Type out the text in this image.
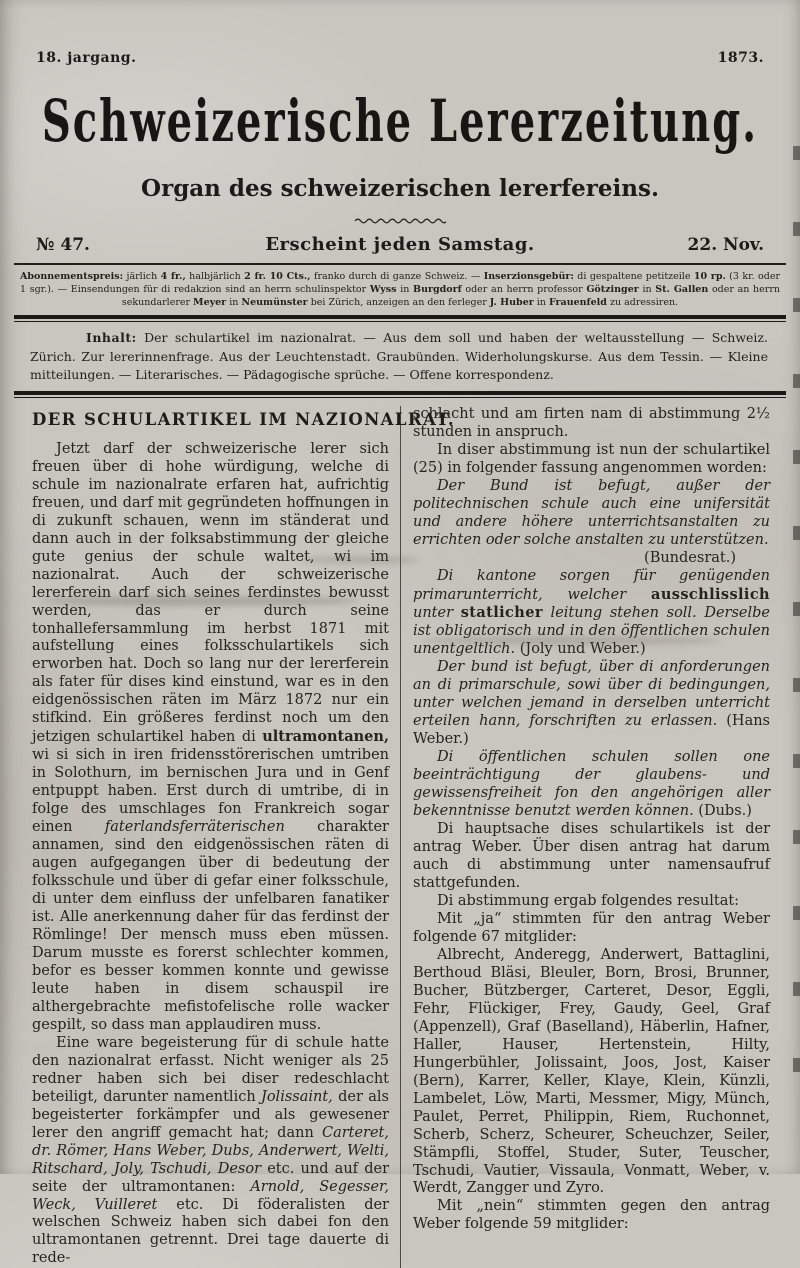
18. jargang.	1873.
Schweizerische Lererzeitung.
Organ des schweizerischen lererfereins.
№ 47.	Erscheint jeden Samstag.	22. Nov.
Abonnementspreis: järlich 4 fr., halbjärlich 2 fr. 10 Cts., franko durch di ganze Schweiz. — Inserzionsgebür: di gespaltene petitzeile 10 rp. (3 kr. oder 1 sgr.). — Einsendungen für di redakzion sind an herrn schulinspektor Wyss in Burgdorf oder an herrn professor Götzinger in St. Gallen oder an herrn sekundarlerer Meyer in Neumünster bei Zürich, anzeigen an den ferleger J. Huber in Frauenfeld zu adressiren.
Inhalt: Der schulartikel im nazionalrat. — Aus dem soll und haben der weltausstellung — Schweiz. Zürich. Zur lererinnenfrage. Aus der Leuchtenstadt. Graubünden. Widerholungskurse. Aus dem Tessin. — Kleine mitteilungen. — Literarisches. — Pädagogische sprüche. — Offene korrespondenz.
DER SCHULARTIKEL IM NAZIONALRAT.

Jetzt darf der schweizerische lerer sich freuen über di hohe würdigung, welche di schule im nazionalrate erfaren hat, aufrichtig freuen, und darf mit gegründeten hoffnungen in di zukunft schauen, wenn im ständerat und dann auch in der folksabstimmung der gleiche gute genius der schule waltet, wi im nazionalrat. Auch der schweizerische lererferein darf sich seines ferdinstes bewusst werden, das er durch seine tonhallefersammlung im herbst 1871 mit aufstellung eines folksschulartikels sich erworben hat. Doch so lang nur der lererferein als fater für dises kind einstund, war es in den eidgenössischen räten im März 1872 nur ein stifkind. Ein größeres ferdinst noch um den jetzigen schulartikel haben di ultramontanen, wi si sich in iren fridensstörerischen umtriben in Solothurn, im bernischen Jura und in Genf entpuppt haben. Erst durch di umtribe, di in folge des umschlages fon Frankreich sogar einen faterlandsferräterischen charakter annamen, sind den eidgenössischen räten di augen aufgegangen über di bedeutung der folksschule und über di gefar einer folksschule, di unter dem einfluss der unfelbaren fanatiker ist. Alle anerkennung daher für das ferdinst der Römlinge! Der mensch muss eben müssen. Darum musste es forerst schlechter kommen, befor es besser kommen konnte und gewisse leute haben in disem schauspil ire althergebrachte mefistofelische rolle wacker gespilt, so dass man applaudiren muss.

Eine ware begeisterung für di schule hatte den nazionalrat erfasst. Nicht weniger als 25 redner haben sich bei diser redeschlacht beteiligt, darunter namentlich Jolissaint, der als begeisterter forkämpfer und als gewesener lerer den angriff gemacht hat; dann Carteret, dr. Römer, Hans Weber, Dubs, Anderwert, Welti, Ritschard, Joly, Tschudi, Desor etc. und auf der seite der ultramontanen: Arnold, Segesser, Weck, Vuilleret etc. Di föderalisten der welschen Schweiz haben sich dabei fon den ultramontanen getrennt. Drei tage dauerte di rede-

schlacht und am firten nam di abstimmung 2½ stunden in anspruch.

In diser abstimmung ist nun der schulartikel (25) in folgender fassung angenommen worden:

Der Bund ist befugt, außer der politechnischen schule auch eine unifersität und andere höhere unterrichtsanstalten zu errichten oder solche anstalten zu unterstützen.

(Bundesrat.)

Di kantone sorgen für genügenden primarunterricht, welcher ausschlisslich unter statlicher leitung stehen soll. Derselbe ist obligatorisch und in den öffentlichen schulen unentgeltlich. (Joly und Weber.)

Der bund ist befugt, über di anforderungen an di primarschule, sowi über di bedingungen, unter welchen jemand in derselben unterricht erteilen hann, forschriften zu erlassen. (Hans Weber.)

Di öffentlichen schulen sollen one beeinträchtigung der glaubens- und gewissensfreiheit fon den angehörigen aller bekenntnisse benutzt werden können. (Dubs.)

Di hauptsache dises schulartikels ist der antrag Weber. Über disen antrag hat darum auch di abstimmung unter namensaufruf stattgefunden.

Di abstimmung ergab folgendes resultat:

Mit „ja“ stimmten für den antrag Weber folgende 67 mitglider:

Albrecht, Anderegg, Anderwert, Battaglini, Berthoud Bläsi, Bleuler, Born, Brosi, Brunner, Bucher, Bützberger, Carteret, Desor, Eggli, Fehr, Flückiger, Frey, Gaudy, Geel, Graf (Appenzell), Graf (Baselland), Häberlin, Hafner, Haller, Hauser, Hertenstein, Hilty, Hungerbühler, Jolissaint, Joos, Jost, Kaiser (Bern), Karrer, Keller, Klaye, Klein, Künzli, Lambelet, Löw, Marti, Messmer, Migy, Münch, Paulet, Perret, Philippin, Riem, Ruchonnet, Scherb, Scherz, Scheurer, Scheuchzer, Seiler, Stämpfli, Stoffel, Studer, Suter, Teuscher, Tschudi, Vautier, Vissaula, Vonmatt, Weber, v. Werdt, Zangger und Zyro.

Mit „nein“ stimmten gegen den antrag Weber folgende 59 mitglider:
